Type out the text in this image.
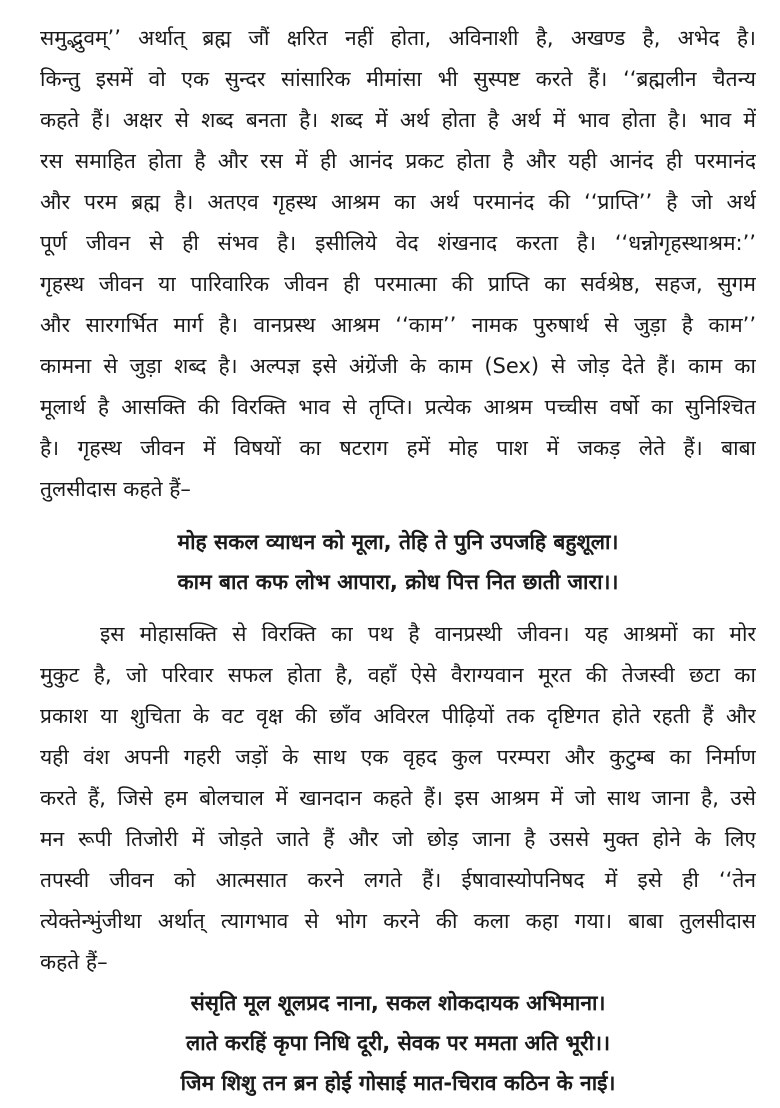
समुद्भुवम्’’ अर्थात् ब्रह्म जौं क्षरित नहीं होता, अविनाशी है, अखण्ड है, अभेद है।
किन्तु इसमें वो एक सुन्दर सांसारिक मीमांसा भी सुस्पष्ट करते हैं। ‘‘ब्रह्मलीन चैतन्य
कहते हैं। अक्षर से शब्द बनता है। शब्द में अर्थ होता है अर्थ में भाव होता है। भाव में
रस समाहित होता है और रस में ही आनंद प्रकट होता है और यही आनंद ही परमानंद
और परम ब्रह्म है। अतएव गृहस्थ आश्रम का अर्थ परमानंद की ‘‘प्राप्ति’’ है जो अर्थ
पूर्ण जीवन से ही संभव है। इसीलिये वेद शंखनाद करता है। ‘‘धन्नोगृहस्थाश्रम:’’
गृहस्थ जीवन या पारिवारिक जीवन ही परमात्मा की प्राप्ति का सर्वश्रेष्ठ, सहज, सुगम
और सारगर्भित मार्ग है। वानप्रस्थ आश्रम ‘‘काम’’ नामक पुरुषार्थ से जुड़ा है काम’’
कामना से जुड़ा शब्द है। अल्पज्ञ इसे अंग्रेंजी के काम (Sex) से जोड़ देते हैं। काम का
मूलार्थ है आसक्ति की विरक्ति भाव से तृप्ति। प्रत्येक आश्रम पच्चीस वर्षो का सुनिश्चित
है। गृहस्थ जीवन में विषयों का षटराग हमें मोह पाश में जकड़ लेते हैं। बाबा
तुलसीदास कहते हैं–
मोह सकल व्याधन को मूला, तेहि ते पुनि उपजहि बहुशूला।
काम बात कफ लोभ आपारा, क्रोध पित्त नित छाती जारा।।
इस मोहासक्ति से विरक्ति का पथ है वानप्रस्थी जीवन। यह आश्रमों का मोर
मुकुट है, जो परिवार सफल होता है, वहाँ ऐसे वैराग्यवान मूरत की तेजस्वी छटा का
प्रकाश या शुचिता के वट वृक्ष की छाँव अविरल पीढ़ियों तक दृष्टिगत होते रहती हैं और
यही वंश अपनी गहरी जड़ों के साथ एक वृहद कुल परम्परा और कुटुम्ब का निर्माण
करते हैं, जिसे हम बोलचाल में खानदान कहते हैं। इस आश्रम में जो साथ जाना है, उसे
मन रूपी तिजोरी में जोड़ते जाते हैं और जो छोड़ जाना है उससे मुक्त होने के लिए
तपस्वी जीवन को आत्मसात करने लगते हैं। ईषावास्योपनिषद में इसे ही ‘‘तेन
त्येक्तेन्भुंजीथा अर्थात् त्यागभाव से भोग करने की कला कहा गया। बाबा तुलसीदास
कहते हैं–
संसृति मूल शूलप्रद नाना, सकल शोकदायक अभिमाना।
लाते करहिं कृपा निधि दूरी, सेवक पर ममता अति भूरी।।
जिम शिशु तन ब्रन होई गोसाई मात-चिराव कठिन के नाई।
